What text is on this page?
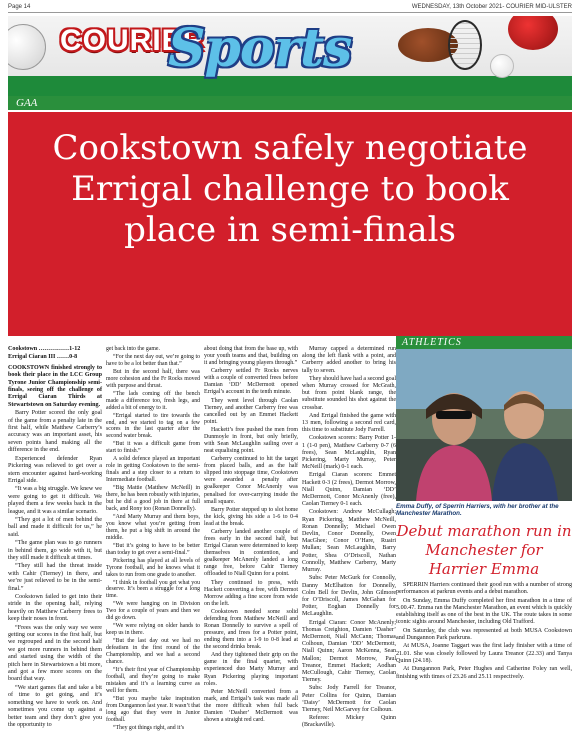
Page 14	WEDNESDAY, 13th October 2021- COURIER MID-ULSTER
COURIER
Sports
GAA
Cookstown safely negotiate Errigal challenge to book place in semi-finals

Cookstown ……………1-12

Errigal Ciaran III ……0-8

COOKSTOWN finished strongly to book their place in the LCC Group Tyrone Junior Championship semi-finals, seeing off the challenge of Errigal Ciaran Thirds at Stewartstown on Saturday evening.

Barry Potter scored the only goal of the game from a penalty late in the first half, while Matthew Carberry’s accuracy was an important asset, his seven points hand making all the difference in the end.

Experienced defender Ryan Pickering was relieved to get over a stern encounter against hard-working Errigal side.

“It was a big struggle. We knew we were going to get it difficult. We played them a few weeks back in the league, and it was a similar scenario.

“They got a lot of men behind the ball and made it difficult for us,” he said.

“The game plan was to go runners in behind them, go wide with it, but they still made it difficult at times.

“They still had the threat inside with Cahir (Tierney) in there, and we’re just relieved to be in the semi-final.”

Cookstown failed to get into their stride in the opening half, relying heavily on Matthew Carberry frees to keep their noses in front.

“Frees was the only way we were getting our scores in the first half, but we regrouped and in the second half we got more runners in behind them and started using the width of the pitch here in Stewartstown a bit more, and got a few more scores on the board that way.

“We start games flat and take a bit of time to get going, and it’s something we have to work on. And sometimes you come up against a better team and they don’t give you the opportunity to

get back into the game.

“For the next day out, we’re going to have to be a lot better than that.”

But in the second half, there was more cohesion and the Fr Rocks moved with purpose and thrust.

“The lads coming off the bench made a difference too, fresh legs, and added a bit of energy to it.

“Errigal started to tire towards the end, and we started to tag on a few scores in the last quarter after the second water break.

“But it was a difficult game from start to finish.”

A solid defence played an important role in getting Cookstown to the semi-finals and a step closer to a return to Intermediate football.

“Big Mattie (Matthew McNeill) in there, he has been robustly with injuries, but he did a good job in there at full back, and Rony too (Ronan Donnelly).

“And Marty Murray and them boys, you know what you’re getting from them, he put a big shift in around the middle.

“But it’s going to have to be better than today to get over a semi-final.”

Pickering has played at all levels of Tyrone football, and he knows what it takes to run from one grade to another.

“I think in football you get what you deserve. It’s been a struggle for a long time.

“We were hanging on in Division Two for a couple of years and then we did go down.

“We were relying on older hands to keep us in there.

“But the last day out we had no defeatism in the first round of the Championship, and we had a second chance.

“It’s their first year of Championship football, and they’re going to make mistakes and it’s a learning curve as well for them.

“But you maybe take inspiration from Dungannon last year. It wasn’t that long ago that they were in Junior football.

“They got things right, and it’s

about doing that from the base up, with your youth teams and that, building on it and bringing young players through.”

Carberry settled Fr Rocks nerves with a couple of converted frees before Damian ‘DD’ McDermott opened Errigal’s account in the tenth minute.

They went level through Caolan Tierney, and another Carberry free was cancelled out by an Emmet Hackett point.

Hackett’s free pushed the men from Dunmoyle in front, but only briefly, with Sean McLaughlin sailing over a neat equalising point.

Carberry continued to hit the target from placed balls, and as the half slipped into stoppage time, Cookstown were awarded a penalty after goalkeeper Conor McAnenly was penalised for over-carrying inside the small square.

Barry Potter stepped up to slot home the kick, giving his side a 1-6 to 0-4 lead at the break.

Carberry landed another couple of frees early in the second half, but Errigal Ciaran were determined to keep themselves in contention, and goalkeeper McAnenly landed a long range free, before Cahir Tierney offloaded to Niall Quinn for a point.

They continued to press, with Hackett converting a free, with Dermot Morrow adding a fine score from wide on the left.

Cookstown needed some solid defending from Matthew McNeill and Ronan Donnelly to survive a spell of pressure, and frees for a Potter point, ending them into a 1-9 to 0-8 lead at the second drinks break.

And they tightened their grip on the game in the final quarter, with experienced duo Marty Murray and Ryan Pickering playing important roles.

Peter McNeill converted from a mark, and Errigal’s task was made all the more difficult when full back Damien ‘Dasher’ McDermott was shown a straight red card.

ATHLETICS
Emma Duffy, of Sperrin Harriers, with her brother at the Manchester Marathon.
Debut marathon run in Manchester for Harrier Emma

SPERRIN Harriers continued their good run with a number of strong performances at parkrun events and a debut marathon.

On Sunday, Emma Duffy completed her first marathon in a time of 5.00.47. Emma ran the Manchester Marathon, an event which is quickly establishing itself as one of the best in the UK. The route takes in some iconic sights around Manchester, including Old Trafford.

On Saturday, the club was represented at both MUSA Cookstown and Dungannon Park parkruns.

At MUSA, Joanne Taggart was the first lady finisher with a time of 21.01. She was closely followed by Laura Treanor (22.33) and Tanya Quinn (24.18).

At Dungannon Park, Peter Hughes and Catherine Foley ran well, finishing with times of 23.26 and 25.11 respectively.

Murray capped a determined run along the left flank with a point, and Carberry added another to bring his tally to seven.

They should have had a second goal when Murray crossed for McGrath, but from point blank range, the substitute sounded his shot against the crossbar.

And Errigal finished the game with 13 men, following a second red card, this time to substitute Jody Farrell.

Cookstown scorers: Barry Potter 1-1 (1-0 pen), Matthew Carberry 0-7 (6 frees), Sean McLaughlin, Ryan Pickering, Marty Murray, Peter McNeill (mark) 0-1 each.

Errigal Ciaran scorers: Emmet Hackett 0-3 (2 frees), Dermot Morrow, Niall Quinn, Damian ‘DD’ McDermott, Conor McAnenly (free), Caolan Tierney 0-1 each.

Cookstown: Andrew McCullagh; Ryan Pickering, Matthew McNeill, Ronan Donnelly; Michael Owen Devlin, Conor Donnelly, Owen MacGhee; Conor O’Hare, Ruairi Mullan; Sean McLaughlin, Barry Potter, Shea O’Driscoll, Nathan Connolly, Matthew Carberry, Marty Murray.

Subs: Peter McGurk for Connolly, Danny McElhatton for Donnelly, Colm Bell for Devlin, John Gilmore for O’Driscoll, James McGahan for Potter, Eoghan Donnelly for McLaughlin.

Errigal Ciaran: Conor McAnenly; Thomas Creighton, Damien ‘Dasher’ McDermott, Niall McCann; Thomas Colhoun, Damian ‘DD’ McDermott, Niall Quinn; Aaron McKenna, Sean Mallon; Dermot Morrow, Paul Treanor, Emmet Hackett; Aodhan McCullough, Cahir Tierney, Caolan Tierney.

Subs: Jody Farrell for Treanor, Peter Collins for Quinn, Damian ‘Daisy’ McDermott for Caolan Tierney, Neil McGarvey for Colhoun.

Referee: Mickey Quinn (Brackaville).
